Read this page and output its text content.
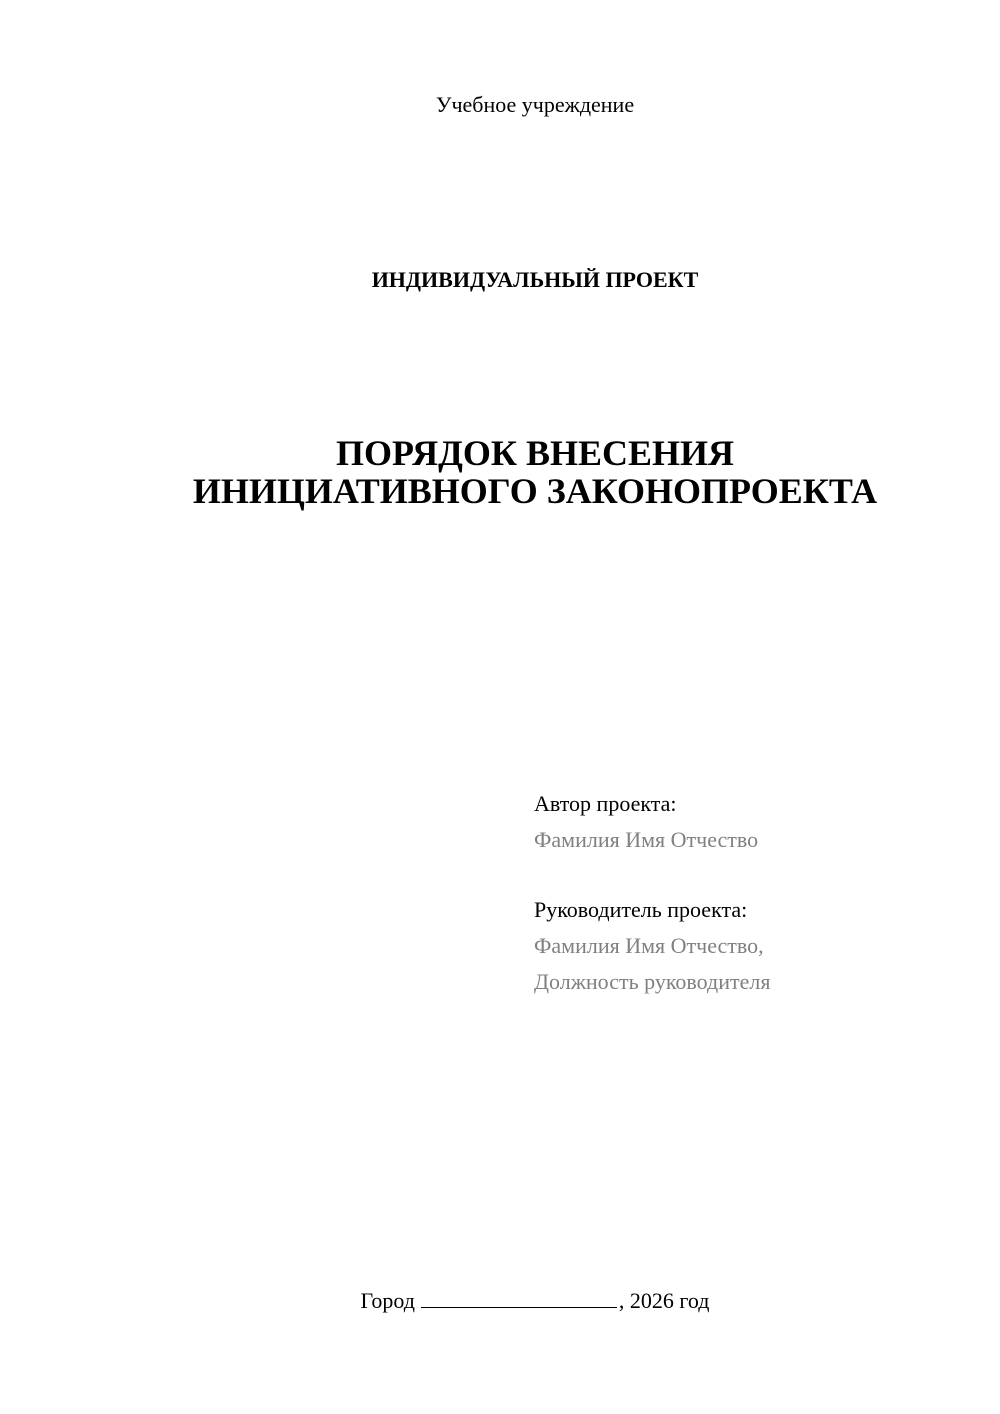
Учебное учреждение
ИНДИВИДУАЛЬНЫЙ ПРОЕКТ
ПОРЯДОК ВНЕСЕНИЯ
ИНИЦИАТИВНОГО ЗАКОНОПРОЕКТА
Автор проекта:
Фамилия Имя Отчество
Руководитель проекта:
Фамилия Имя Отчество,
Должность руководителя
Город	, 2026 год
